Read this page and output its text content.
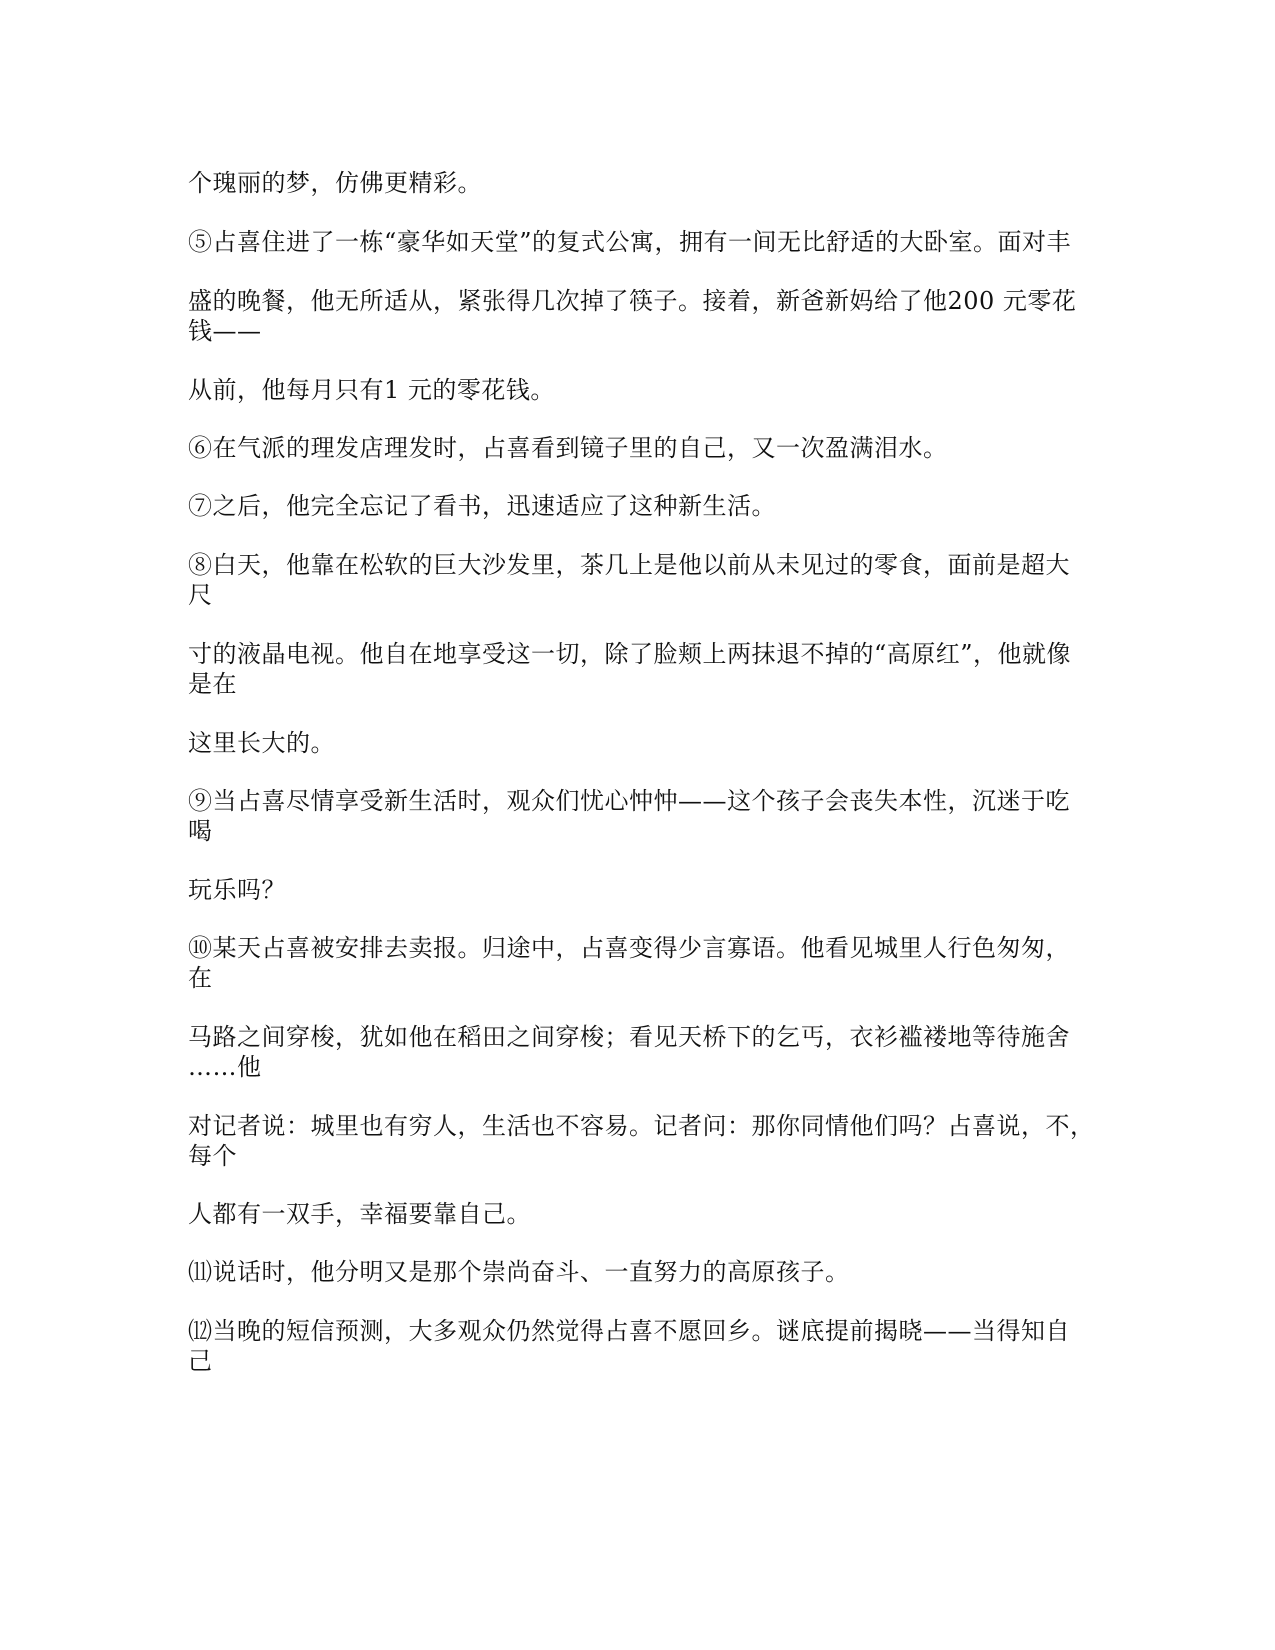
个瑰丽的梦，仿佛更精彩。
⑤占喜住进了一栋“豪华如天堂”的复式公寓，拥有一间无比舒适的大卧室。面对丰
盛的晚餐，他无所适从，紧张得几次掉了筷子。接着，新爸新妈给了他200 元零花
钱——
从前，他每月只有1 元的零花钱。
⑥在气派的理发店理发时，占喜看到镜子里的自己，又一次盈满泪水。
⑦之后，他完全忘记了看书，迅速适应了这种新生活。
⑧白天，他靠在松软的巨大沙发里，茶几上是他以前从未见过的零食，面前是超大
尺
寸的液晶电视。他自在地享受这一切，除了脸颊上两抹退不掉的“高原红”，他就像
是在
这里长大的。
⑨当占喜尽情享受新生活时，观众们忧心忡忡——这个孩子会丧失本性，沉迷于吃
喝
玩乐吗？
⑩某天占喜被安排去卖报。归途中，占喜变得少言寡语。他看见城里人行色匆匆，
在
马路之间穿梭，犹如他在稻田之间穿梭；看见天桥下的乞丐，衣衫褴褛地等待施舍
……他
对记者说：城里也有穷人，生活也不容易。记者问：那你同情他们吗？占喜说，不，
每个
人都有一双手，幸福要靠自己。
⑾说话时，他分明又是那个崇尚奋斗、一直努力的高原孩子。
⑿当晚的短信预测，大多观众仍然觉得占喜不愿回乡。谜底提前揭晓——当得知自
己
